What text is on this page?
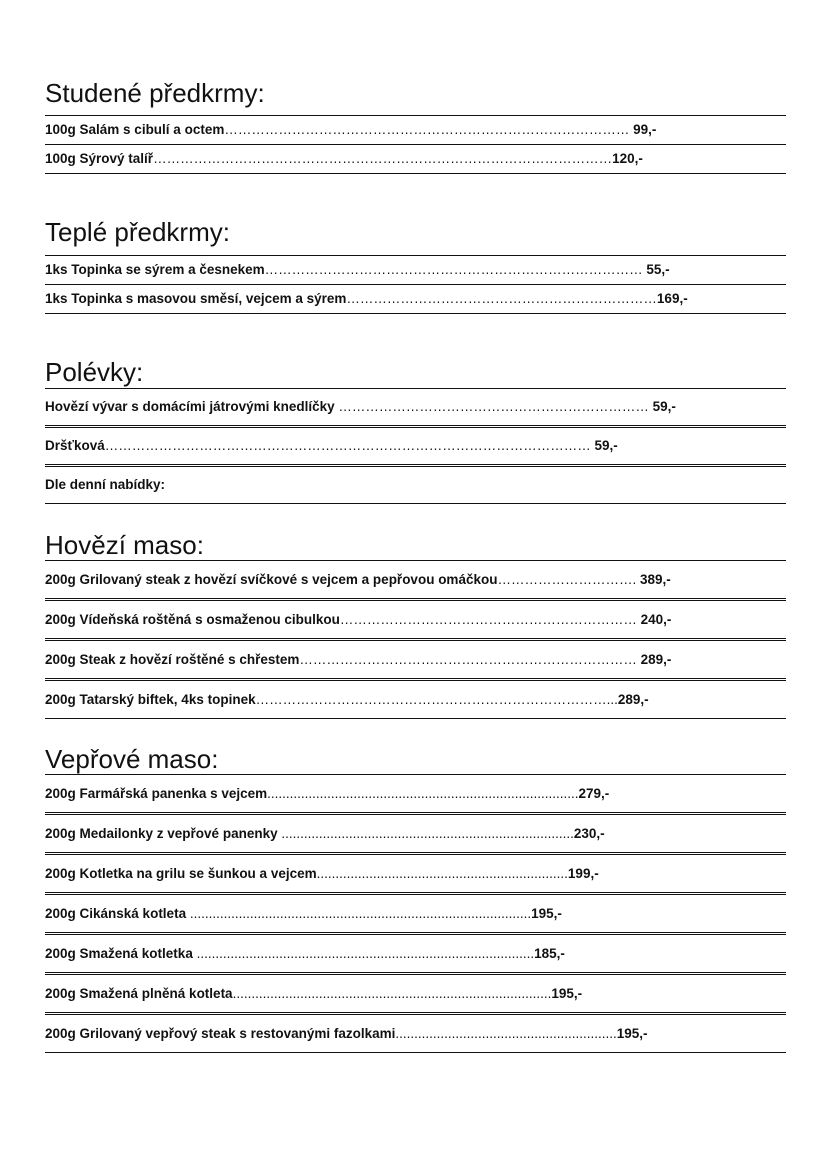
Studené předkrmy:
100g Salám s cibulí a octem……………………………………………………………………………… 99,-
100g Sýrový talíř…………………………………………………………………………………………120,-
Teplé předkrmy:
1ks Topinka se sýrem a česnekem………………………………………………………………………… 55,-
1ks Topinka s masovou směsí, vejcem a sýrem……………………………………………………………169,-
Polévky:
Hovězí vývar s domácími játrovými knedlíčky …………………………………………………………… 59,-
Dršťková……………………………………………………………………………………………… 59,-
Dle denní nabídky:
Hovězí maso:
200g Grilovaný steak z hovězí svíčkové s vejcem a pepřovou omáčkou…………………………. 389,-
200g Vídeňská roštěná s osmaženou cibulkou………………………………………………………… 240,-
200g Steak z hovězí roštěné s chřestem………………………………………………………………… 289,-
200g Tatarský biftek, 4ks topinek……………………………………………………………………...289,-
Vepřové maso:
200g Farmářská panenka s vejcem...................................................................................279,-
200g Medailonky z vepřové panenky ..............................................................................230,-
200g Kotletka na grilu se šunkou a vejcem...................................................................199,-
200g Cikánská kotleta ...........................................................................................195,-
200g Smažená kotletka ..........................................................................................185,-
200g Smažená plněná kotleta.....................................................................................195,-
200g Grilovaný vepřový steak s restovanými fazolkami...........................................................195,-
